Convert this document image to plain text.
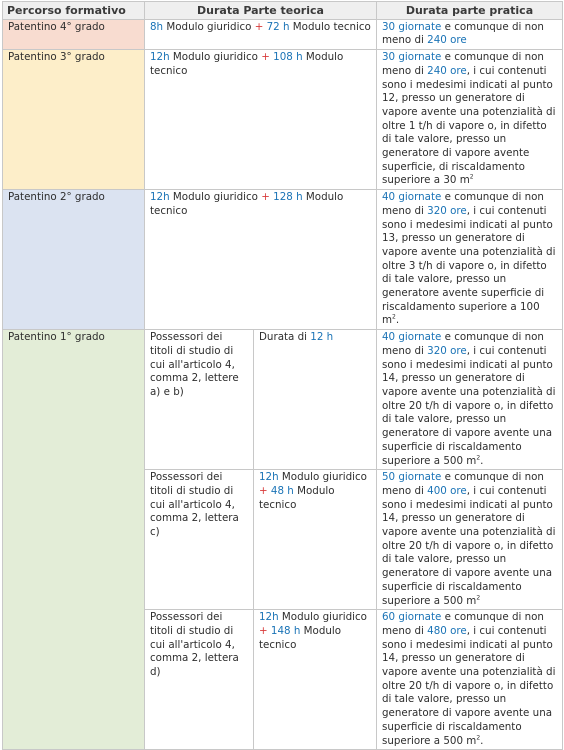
Percorso formativo	Durata Parte teorica		Durata parte pratica
Patentino 4° grado	8h Modulo giuridico + 72 h Modulo tecnico		30 giornate e comunque di non meno di 240 ore
Patentino 3° grado	12h Modulo giuridico + 108 h Modulo tecnico		30 giornate e comunque di non meno di 240 ore, i cui contenuti sono i medesimi indicati al punto 12, presso un generatore di vapore avente una potenzialità di oltre 1 t/h di vapore o, in difetto di tale valore, presso un generatore di vapore avente superficie, di riscaldamento superiore a 30 $m^2$
Patentino 2° grado	12h Modulo giuridico + 128 h Modulo tecnico		40 giornate e comunque di non meno di 320 ore, i cui contenuti sono i medesimi indicati al punto 13, presso un generatore di vapore avente una potenzialità di oltre 3 t/h di vapore o, in difetto di tale valore, presso un generatore avente superficie di riscaldamento superiore a 100 $m^2$.
Patentino 1° grado	Possessori dei titoli di studio di cui all'articolo 4, comma 2, lettere a) e b)	Durata di 12 h	40 giornate e comunque di non meno di 320 ore, i cui contenuti sono i medesimi indicati al punto 14, presso un generatore di vapore avente una potenzialità di oltre 20 t/h di vapore o, in difetto di tale valore, presso un generatore di vapore avente una superficie di riscaldamento superiore a 500 $m^2$.
	Possessori dei titoli di studio di cui all'articolo 4, comma 2, lettera c)	12h Modulo giuridico + 48 h Modulo tecnico	50 giornate e comunque di non meno di 400 ore, i cui contenuti sono i medesimi indicati al punto 14, presso un generatore di vapore avente una potenzialità di oltre 20 t/h di vapore o, in difetto di tale valore, presso un generatore di vapore avente una superficie di riscaldamento superiore a 500 $m^2$
	Possessori dei titoli di studio di cui all'articolo 4, comma 2, lettera d)	12h Modulo giuridico + 148 h Modulo tecnico	60 giornate e comunque di non meno di 480 ore, i cui contenuti sono i medesimi indicati al punto 14, presso un generatore di vapore avente una potenzialità di oltre 20 t/h di vapore o, in difetto di tale valore, presso un generatore di vapore avente una superficie di riscaldamento superiore a 500 $m^2$.
